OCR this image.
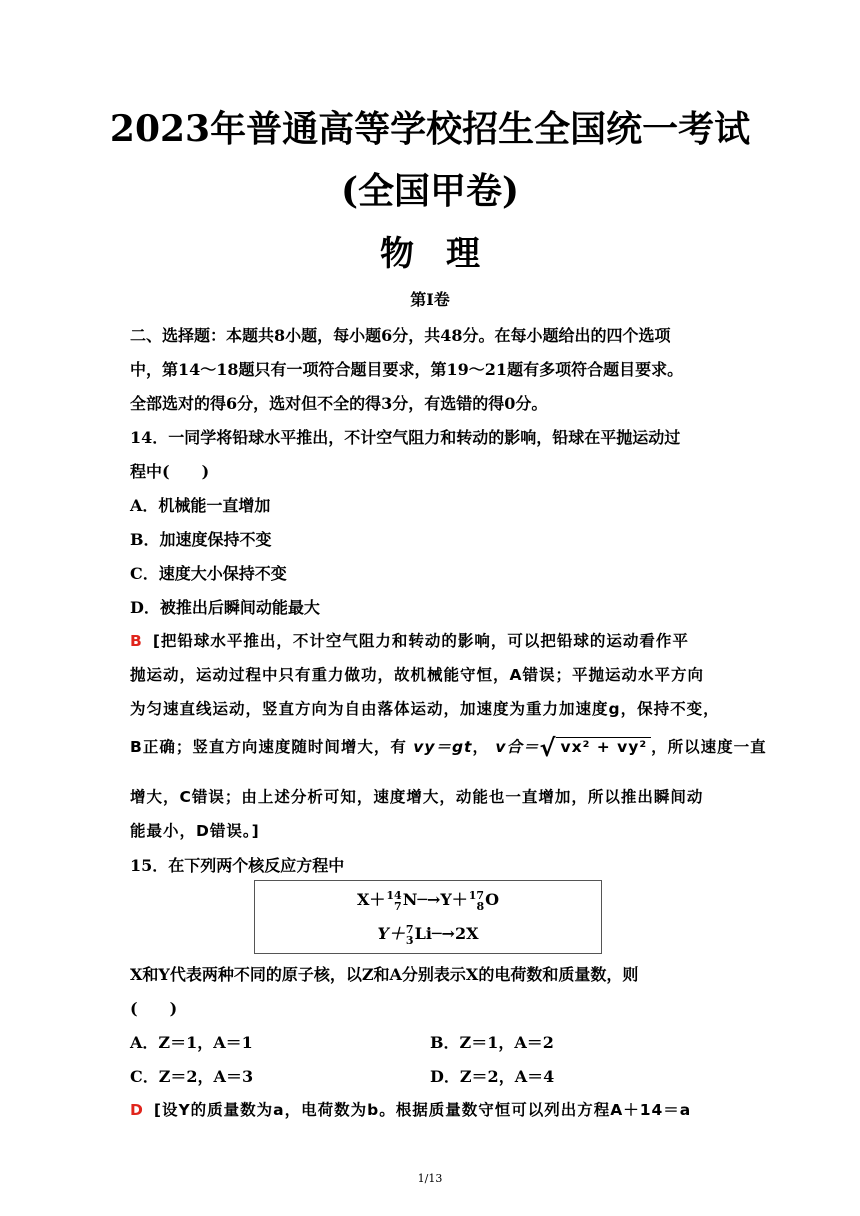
2023年普通高等学校招生全国统一考试(全国甲卷)
物理
第Ⅰ卷
二、选择题：本题共8小题，每小题6分，共48分。在每小题给出的四个选项
中，第14～18题只有一项符合题目要求，第19～21题有多项符合题目要求。
全部选对的得6分，选对但不全的得3分，有选错的得0分。
14．一同学将铅球水平推出，不计空气阻力和转动的影响，铅球在平抛运动过
程中(　　)
A．机械能一直增加
B．加速度保持不变
C．速度大小保持不变
D．被推出后瞬间动能最大
B [把铅球水平推出，不计空气阻力和转动的影响，可以把铅球的运动看作平
抛运动，运动过程中只有重力做功，故机械能守恒，A错误；平抛运动水平方向
为匀速直线运动，竖直方向为自由落体运动，加速度为重力加速度g，保持不变，
B正确；竖直方向速度随时间增大，有 vy＝gt， v合＝√ vx² + vy² ，所以速度一直
增大，C错误；由上述分析可知，速度增大，动能也一直增加，所以推出瞬间动
能最小，D错误。]
15．在下列两个核反应方程中
X＋ 14
7 N─→Y＋ 17
8 O
Y＋ 7
3 Li─→2X
X和Y代表两种不同的原子核，以Z和A分别表示X的电荷数和质量数，则
(　　)
A．Z＝1，A＝1	B．Z＝1，A＝2
C．Z＝2，A＝3	D．Z＝2，A＝4
D [设Y的质量数为a，电荷数为b。根据质量数守恒可以列出方程A＋14＝a
1/13
